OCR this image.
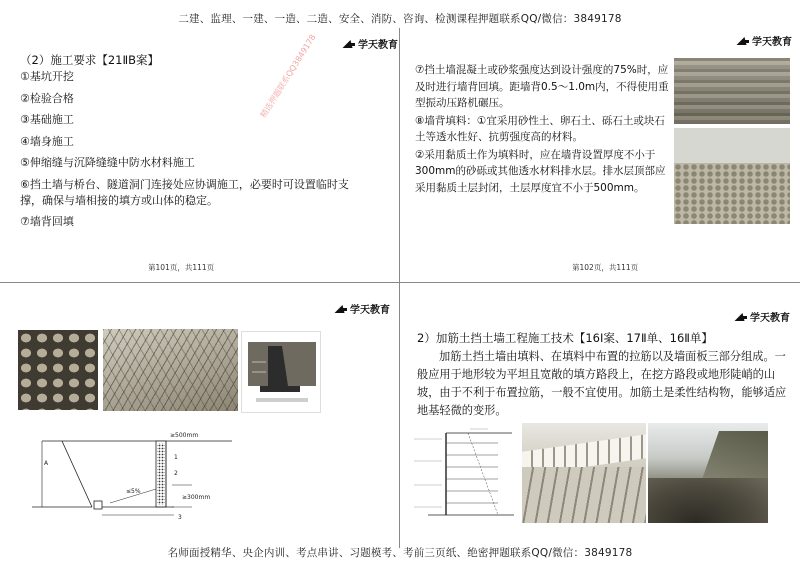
二建、监理、一建、一造、二造、安全、消防、咨询、检测课程押题联系QQ/微信：3849178
学天教育
（2）施工要求【21ⅡB案】
①基坑开挖
②检验合格
③基础施工
④墙身施工
⑤伸缩缝与沉降缝缝中防水材料施工
⑥挡土墙与桥台、隧道洞门连接处应协调施工，必要时可设置临时支撑，确保与墙相接的填方或山体的稳定。
⑦墙背回填
精选押题联系QQ3849178
第101页，共111页
学天教育
⑦挡土墙混凝土或砂浆强度达到设计强度的75%时，应及时进行墙背回填。距墙背0.5～1.0m内，不得使用重型振动压路机碾压。
⑧墙背填料：①宜采用砂性土、卵石土、砾石土或块石土等透水性好、抗剪强度高的材料。
②采用黏质土作为填料时，应在墙背设置厚度不小于300mm的砂砾或其他透水材料排水层。排水层顶部应采用黏质土层封闭，土层厚度宜不小于500mm。
第102页，共111页
学天教育
≥500mm
A
≥300mm
1
2
3
≤5%
学天教育
2）加筋土挡土墙工程施工技术【16Ⅰ案、17Ⅱ单、16Ⅱ单】
加筋土挡土墙由填料、在填料中布置的拉筋以及墙面板三部分组成。一般应用于地形较为平坦且宽敞的填方路段上，在挖方路段或地形陡峭的山坡，由于不利于布置拉筋，一般不宜使用。加筋土是柔性结构物，能够适应地基轻微的变形。
名师面授精华、央企内训、考点串讲、习题模考、考前三页纸、绝密押题联系QQ/微信：3849178
